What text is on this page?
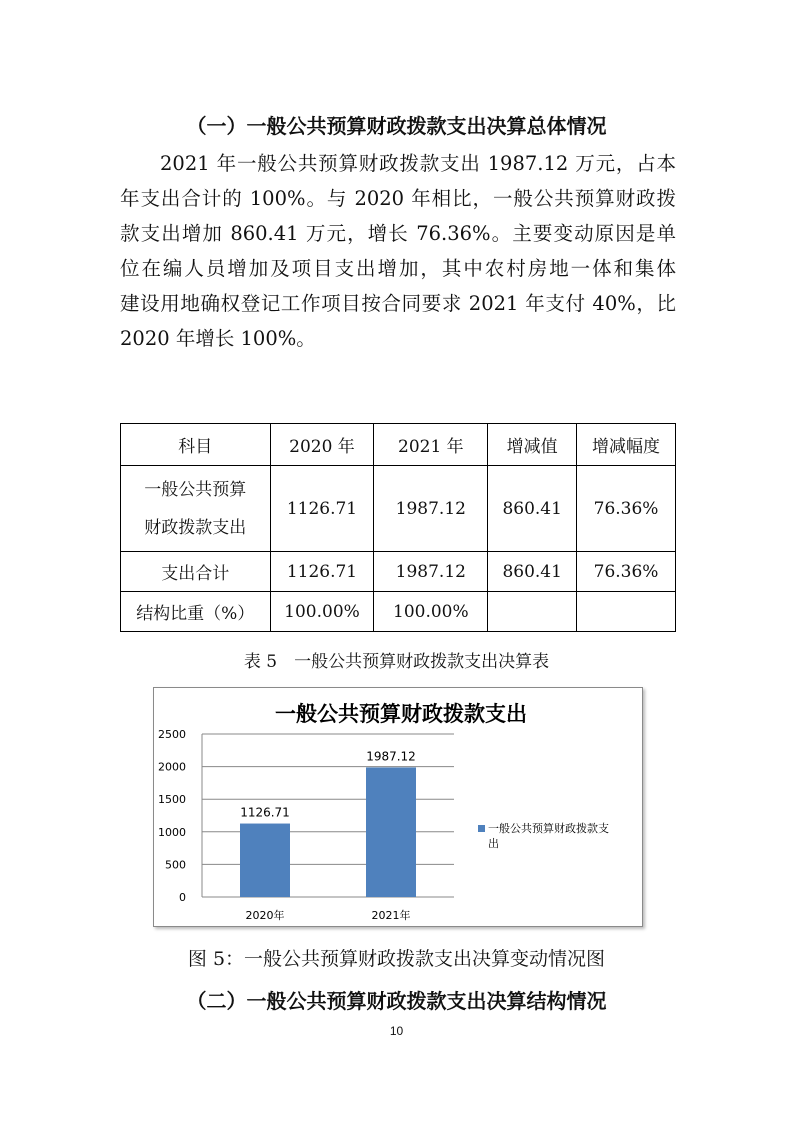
（一）一般公共预算财政拨款支出决算总体情况
2021 年一般公共预算财政拨款支出 1987.12 万元，占本
年支出合计的 100%。与 2020 年相比，一般公共预算财政拨
款支出增加 860.41 万元，增长 76.36%。主要变动原因是单
位在编人员增加及项目支出增加，其中农村房地一体和集体
建设用地确权登记工作项目按合同要求 2021 年支付 40%，比
2020 年增长 100%。
科目	2020 年	2021 年	增减值	增减幅度

一般公共预算
财政拨款支出	1126.71	1987.12	860.41	76.36%
支出合计	1126.71	1987.12	860.41	76.36%
结构比重（%）	100.00%	100.00%		
表 5　一般公共预算财政拨款支出决算表
一般公共预算财政拨款支出
0
500
1000
1500
2000
2500
1126.71
2020年
1987.12
2021年
一般公共预算财政拨款支
出
图 5：一般公共预算财政拨款支出决算变动情况图
（二）一般公共预算财政拨款支出决算结构情况
10
